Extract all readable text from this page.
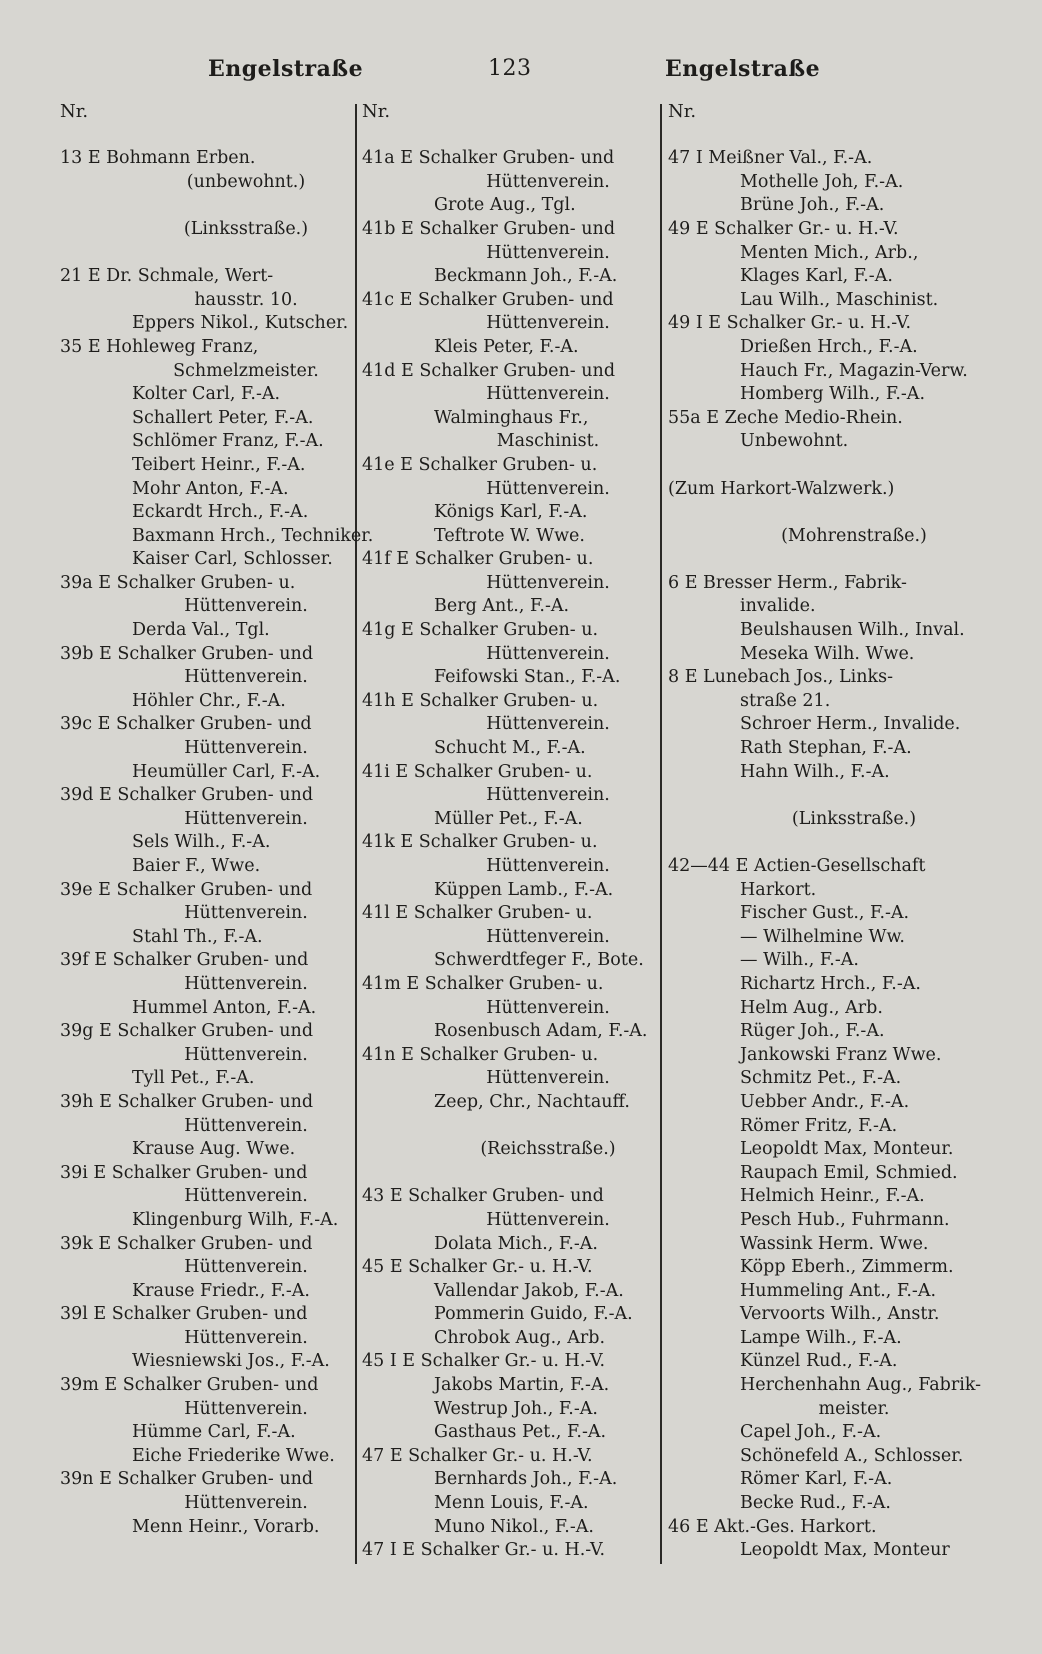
Engelstraße	123	Engelstraße
Nr.
13 E Bohmann Erben.
(unbewohnt.)
(Linksstraße.)
21 E Dr. Schmale, Wert-
hausstr. 10.
Eppers Nikol., Kutscher.
35 E Hohleweg Franz,
Schmelzmeister.
Kolter Carl, F.-A.
Schallert Peter, F.-A.
Schlömer Franz, F.-A.
Teibert Heinr., F.-A.
Mohr Anton, F.-A.
Eckardt Hrch., F.-A.
Baxmann Hrch., Techniker.
Kaiser Carl, Schlosser.
39a E Schalker Gruben- u.
Hüttenverein.
Derda Val., Tgl.
39b E Schalker Gruben- und
Hüttenverein.
Höhler Chr., F.-A.
39c E Schalker Gruben- und
Hüttenverein.
Heumüller Carl, F.-A.
39d E Schalker Gruben- und
Hüttenverein.
Sels Wilh., F.-A.
Baier F., Wwe.
39e E Schalker Gruben- und
Hüttenverein.
Stahl Th., F.-A.
39f E Schalker Gruben- und
Hüttenverein.
Hummel Anton, F.-A.
39g E Schalker Gruben- und
Hüttenverein.
Tyll Pet., F.-A.
39h E Schalker Gruben- und
Hüttenverein.
Krause Aug. Wwe.
39i E Schalker Gruben- und
Hüttenverein.
Klingenburg Wilh, F.-A.
39k E Schalker Gruben- und
Hüttenverein.
Krause Friedr., F.-A.
39l E Schalker Gruben- und
Hüttenverein.
Wiesniewski Jos., F.-A.
39m E Schalker Gruben- und
Hüttenverein.
Hümme Carl, F.-A.
Eiche Friederike Wwe.
39n E Schalker Gruben- und
Hüttenverein.
Menn Heinr., Vorarb.
Nr.
41a E Schalker Gruben- und
Hüttenverein.
Grote Aug., Tgl.
41b E Schalker Gruben- und
Hüttenverein.
Beckmann Joh., F.-A.
41c E Schalker Gruben- und
Hüttenverein.
Kleis Peter, F.-A.
41d E Schalker Gruben- und
Hüttenverein.
Walminghaus Fr.,
Maschinist.
41e E Schalker Gruben- u.
Hüttenverein.
Königs Karl, F.-A.
Teftrote W. Wwe.
41f E Schalker Gruben- u.
Hüttenverein.
Berg Ant., F.-A.
41g E Schalker Gruben- u.
Hüttenverein.
Feifowski Stan., F.-A.
41h E Schalker Gruben- u.
Hüttenverein.
Schucht M., F.-A.
41i E Schalker Gruben- u.
Hüttenverein.
Müller Pet., F.-A.
41k E Schalker Gruben- u.
Hüttenverein.
Küppen Lamb., F.-A.
41l E Schalker Gruben- u.
Hüttenverein.
Schwerdtfeger F., Bote.
41m E Schalker Gruben- u.
Hüttenverein.
Rosenbusch Adam, F.-A.
41n E Schalker Gruben- u.
Hüttenverein.
Zeep, Chr., Nachtauff.
(Reichsstraße.)
43 E Schalker Gruben- und
Hüttenverein.
Dolata Mich., F.-A.
45 E Schalker Gr.- u. H.-V.
Vallendar Jakob, F.-A.
Pommerin Guido, F.-A.
Chrobok Aug., Arb.
45 I E Schalker Gr.- u. H.-V.
Jakobs Martin, F.-A.
Westrup Joh., F.-A.
Gasthaus Pet., F.-A.
47 E Schalker Gr.- u. H.-V.
Bernhards Joh., F.-A.
Menn Louis, F.-A.
Muno Nikol., F.-A.
47 I E Schalker Gr.- u. H.-V.
Nr.
47 I Meißner Val., F.-A.
Mothelle Joh, F.-A.
Brüne Joh., F.-A.
49 E Schalker Gr.- u. H.-V.
Menten Mich., Arb.,
Klages Karl, F.-A.
Lau Wilh., Maschinist.
49 I E Schalker Gr.- u. H.-V.
Drießen Hrch., F.-A.
Hauch Fr., Magazin-Verw.
Homberg Wilh., F.-A.
55a E Zeche Medio-Rhein.
Unbewohnt.
(Zum Harkort-Walzwerk.)
(Mohrenstraße.)
6 E Bresser Herm., Fabrik-
invalide.
Beulshausen Wilh., Inval.
Meseka Wilh. Wwe.
8 E Lunebach Jos., Links-
straße 21.
Schroer Herm., Invalide.
Rath Stephan, F.-A.
Hahn Wilh., F.-A.
(Linksstraße.)
42—44 E Actien-Gesellschaft
Harkort.
Fischer Gust., F.-A.
— Wilhelmine Ww.
— Wilh., F.-A.
Richartz Hrch., F.-A.
Helm Aug., Arb.
Rüger Joh., F.-A.
Jankowski Franz Wwe.
Schmitz Pet., F.-A.
Uebber Andr., F.-A.
Römer Fritz, F.-A.
Leopoldt Max, Monteur.
Raupach Emil, Schmied.
Helmich Heinr., F.-A.
Pesch Hub., Fuhrmann.
Wassink Herm. Wwe.
Köpp Eberh., Zimmerm.
Hummeling Ant., F.-A.
Vervoorts Wilh., Anstr.
Lampe Wilh., F.-A.
Künzel Rud., F.-A.
Herchenhahn Aug., Fabrik-
meister.
Capel Joh., F.-A.
Schönefeld A., Schlosser.
Römer Karl, F.-A.
Becke Rud., F.-A.
46 E Akt.-Ges. Harkort.
Leopoldt Max, Monteur
